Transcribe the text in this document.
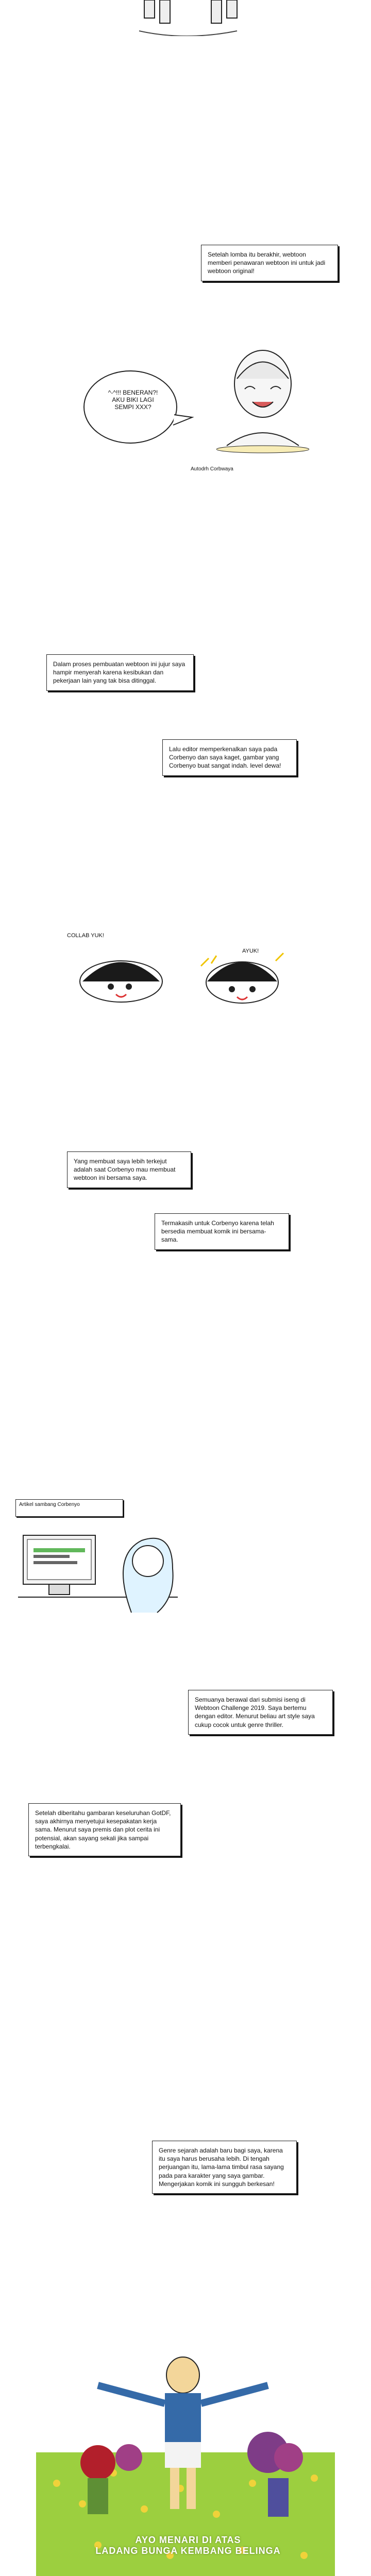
Setelah lomba itu berakhir, webtoon memberi penawaran webtoon ini untuk jadi webtoon original!
^-^!!! BENERAN?! AKU BIKI LAGI SEMPI XXX?
Autodrh Corbwaya
Dalam proses pembuatan webtoon ini jujur saya hampir menyerah karena kesibukan dan pekerjaan lain yang tak bisa ditinggal.
Lalu editor memperkenalkan saya pada Corbenyo dan saya kaget, gambar yang Corbenyo buat sangat indah. level dewa!
COLLAB YUK!
AYUK!
Yang membuat saya lebih terkejut adalah saat Corbenyo mau membuat webtoon ini bersama saya.
Termakasih untuk Corbenyo karena telah bersedia membuat komik ini bersama-sama.
Artikel sambang Corbenyo
Semuanya berawal dari submisi iseng di Webtoon Challenge 2019. Saya bertemu dengan editor. Menurut beliau art style saya cukup cocok untuk genre thriller.
Setelah diberitahu gambaran keseluruhan GotDF, saya akhirnya menyetujui kesepakatan kerja sama. Menurut saya premis dan plot cerita ini potensial, akan sayang sekali jika sampai terbengkalai.
Genre sejarah adalah baru bagi saya, karena itu saya harus berusaha lebih. Di tengah perjuangan itu, lama-lama timbul rasa sayang pada para karakter yang saya gambar. Mengerjakan komik ini sungguh berkesan!
AYO MENARI DI ATAS
LADANG BUNGA KEMBANG BELINGA
